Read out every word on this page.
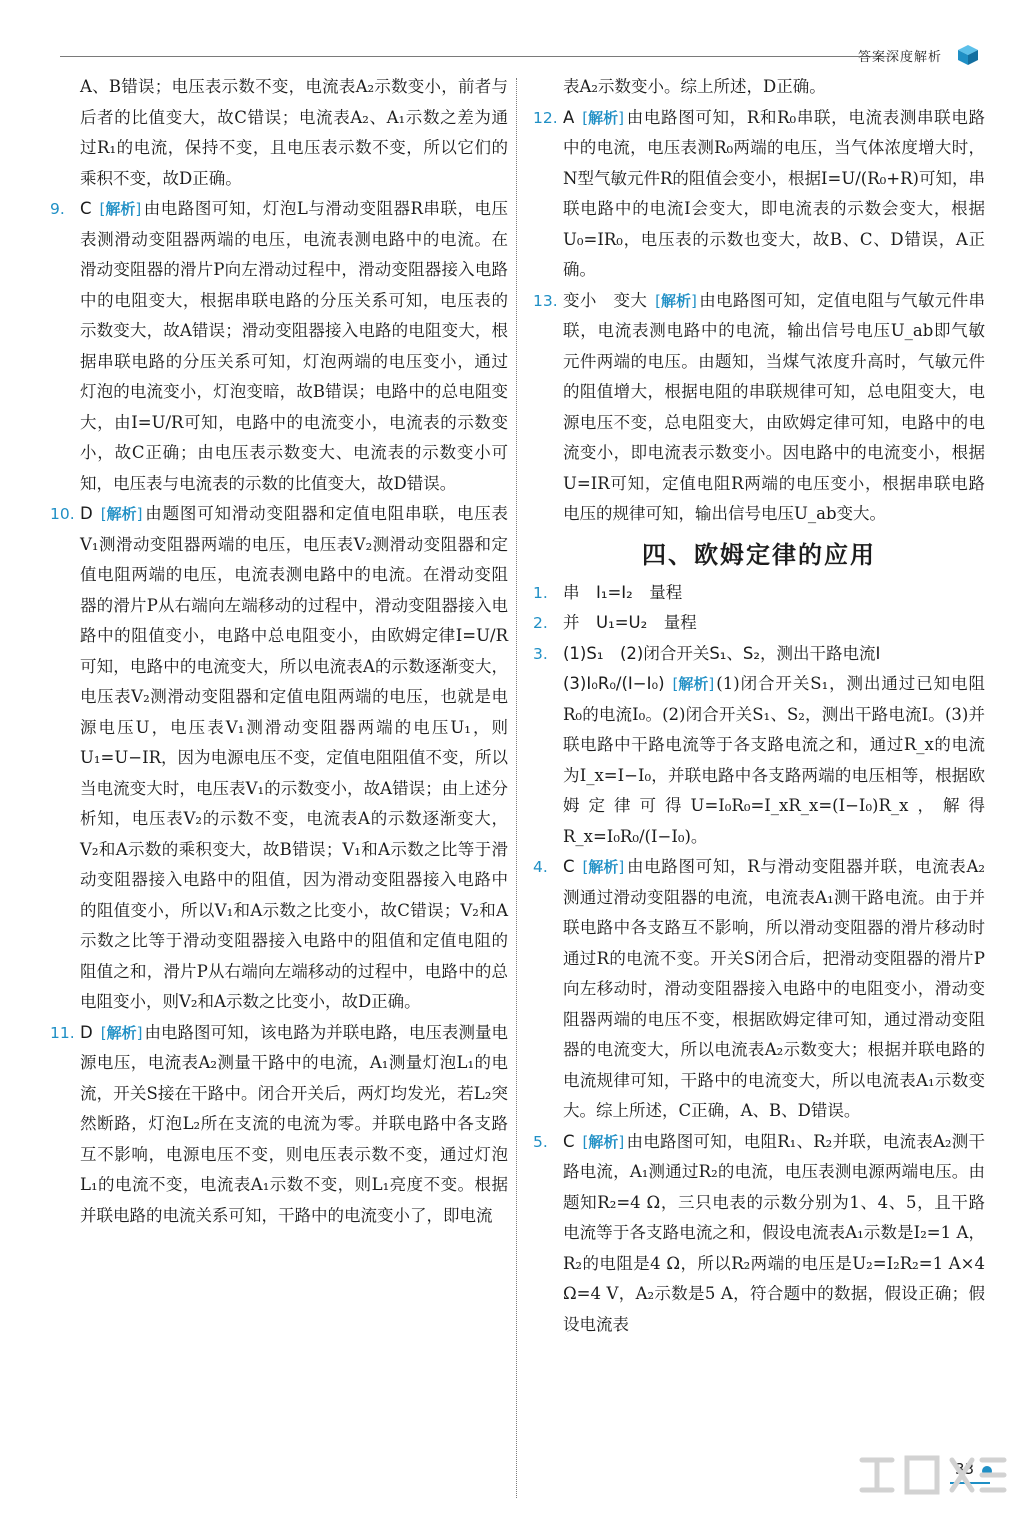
答案深度解析

A、B错误；电压表示数不变，电流表A₂示数变小，前者与后者的比值变大，故C错误；电流表A₂、A₁示数之差为通过R₁的电流，保持不变，且电压表示数不变，所以它们的乘积不变，故D正确。

9. C [ 解析 ] 由电路图可知，灯泡L与滑动变阻器R串联，电压表测滑动变阻器两端的电压，电流表测电路中的电流。在滑动变阻器的滑片P向左滑动过程中，滑动变阻器接入电路中的电阻变大，根据串联电路的分压关系可知，电压表的示数变大，故A错误；滑动变阻器接入电路的电阻变大，根据串联电路的分压关系可知，灯泡两端的电压变小，通过灯泡的电流变小，灯泡变暗，故B错误；电路中的总电阻变大，由I=U/R可知，电路中的电流变小，电流表的示数变小，故C正确；由电压表示数变大、电流表的示数变小可知，电压表与电流表的示数的比值变大，故D错误。

10. D [ 解析 ] 由题图可知滑动变阻器和定值电阻串联，电压表V₁测滑动变阻器两端的电压，电压表V₂测滑动变阻器和定值电阻两端的电压，电流表测电路中的电流。在滑动变阻器的滑片P从右端向左端移动的过程中，滑动变阻器接入电路中的阻值变小，电路中总电阻变小，由欧姆定律I=U/R可知，电路中的电流变大，所以电流表A的示数逐渐变大，电压表V₂测滑动变阻器和定值电阻两端的电压，也就是电源电压U，电压表V₁测滑动变阻器两端的电压U₁，则U₁=U−IR，因为电源电压不变，定值电阻阻值不变，所以当电流变大时，电压表V₁的示数变小，故A错误；由上述分析知，电压表V₂的示数不变，电流表A的示数逐渐变大，V₂和A示数的乘积变大，故B错误；V₁和A示数之比等于滑动变阻器接入电路中的阻值，因为滑动变阻器接入电路中的阻值变小，所以V₁和A示数之比变小，故C错误；V₂和A示数之比等于滑动变阻器接入电路中的阻值和定值电阻的阻值之和，滑片P从右端向左端移动的过程中，电路中的总电阻变小，则V₂和A示数之比变小，故D正确。

11. D [ 解析 ] 由电路图可知，该电路为并联电路，电压表测量电源电压，电流表A₂测量干路中的电流，A₁测量灯泡L₁的电流，开关S接在干路中。闭合开关后，两灯均发光，若L₂突然断路，灯泡L₂所在支流的电流为零。并联电路中各支路互不影响，电源电压不变，则电压表示数不变，通过灯泡L₁的电流不变，电流表A₁示数不变，则L₁亮度不变。根据并联电路的电流关系可知，干路中的电流变小了，即电流

表A₂示数变小。综上所述，D正确。

12. A [ 解析 ] 由电路图可知，R和R₀串联，电流表测串联电路中的电流，电压表测R₀两端的电压，当气体浓度增大时，N型气敏元件R的阻值会变小，根据I=U/(R₀+R)可知，串联电路中的电流I会变大，即电流表的示数会变大，根据U₀=IR₀，电压表的示数也变大，故B、C、D错误，A正确。

13. 变小　变大 [ 解析 ] 由电路图可知，定值电阻与气敏元件串联，电流表测电路中的电流，输出信号电压U_ab即气敏元件两端的电压。由题知，当煤气浓度升高时，气敏元件的阻值增大，根据电阻的串联规律可知，总电阻变大，电源电压不变，总电阻变大，由欧姆定律可知，电路中的电流变小，即电流表示数变小。因电路中的电流变小，根据U=IR可知，定值电阻R两端的电压变小，根据串联电路电压的规律可知，输出信号电压U_ab变大。

四、欧姆定律的应用
1. 串　I₁=I₂　量程

2. 并　U₁=U₂　量程

3. (1)S₁　(2)闭合开关S₁、S₂，测出干路电流I

(3)I₀R₀/(I−I₀) [ 解析 ] (1)闭合开关S₁，测出通过已知电阻R₀的电流I₀。(2)闭合开关S₁、S₂，测出干路电流I。(3)并联电路中干路电流等于各支路电流之和，通过R_x的电流为I_x=I−I₀，并联电路中各支路两端的电压相等，根据欧姆定律可得U=I₀R₀=I_xR_x=(I−I₀)R_x，解得R_x=I₀R₀/(I−I₀)。

4. C [ 解析 ] 由电路图可知，R与滑动变阻器并联，电流表A₂测通过滑动变阻器的电流，电流表A₁测干路电流。由于并联电路中各支路互不影响，所以滑动变阻器的滑片移动时通过R的电流不变。开关S闭合后，把滑动变阻器的滑片P向左移动时，滑动变阻器接入电路中的电阻变小，滑动变阻器两端的电压不变，根据欧姆定律可知，通过滑动变阻器的电流变大，所以电流表A₂示数变大；根据并联电路的电流规律可知，干路中的电流变大，所以电流表A₁示数变大。综上所述，C正确，A、B、D错误。

5. C [ 解析 ] 由电路图可知，电阻R₁、R₂并联，电流表A₂测干路电流，A₁测通过R₂的电流，电压表测电源两端电压。由题知R₂=4 Ω，三只电表的示数分别为1、4、5，且干路电流等于各支路电流之和，假设电流表A₁示数是I₂=1 A，R₂的电阻是4 Ω，所以R₂两端的电压是U₂=I₂R₂=1 A×4 Ω=4 V，A₂示数是5 A，符合题中的数据，假设正确；假设电流表

33
